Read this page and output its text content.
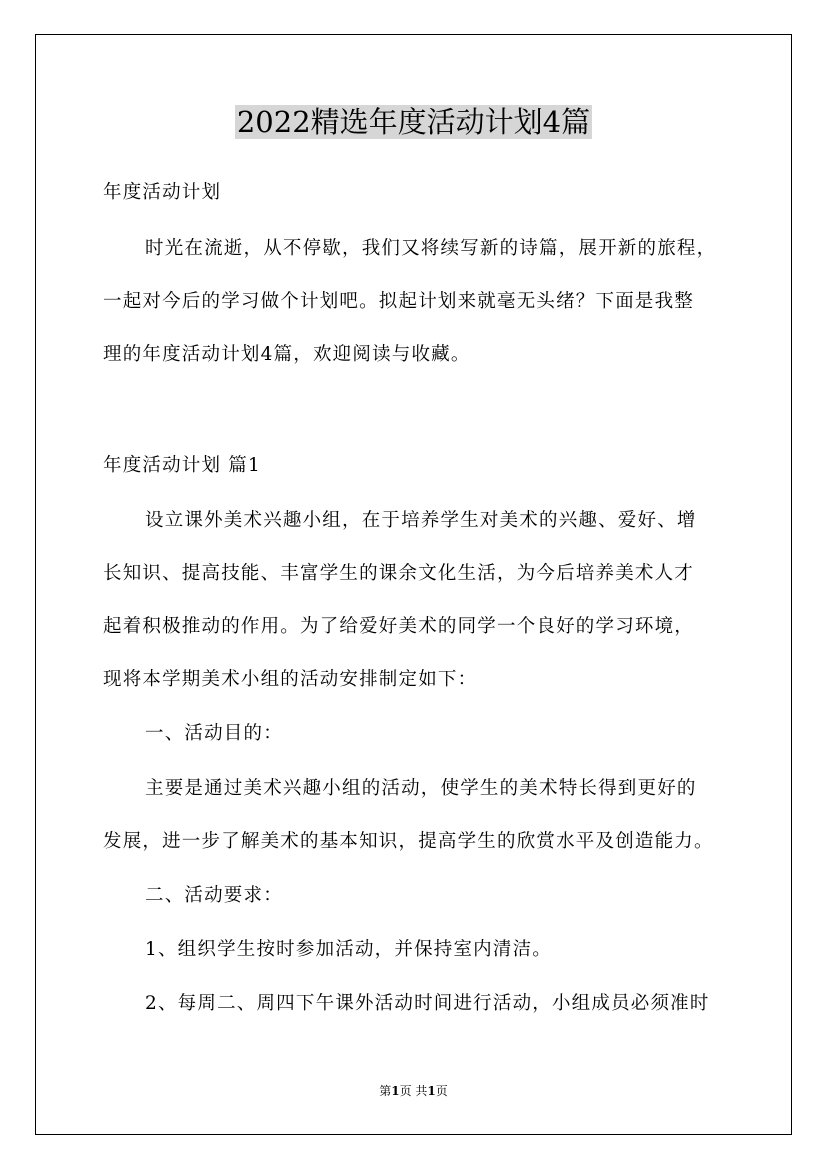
2022精选年度活动计划4篇

年度活动计划

时光在流逝，从不停歇，我们又将续写新的诗篇，展开新的旅程，

一起对今后的学习做个计划吧。拟起计划来就毫无头绪？下面是我整

理的年度活动计划4篇，欢迎阅读与收藏。

年度活动计划 篇1

设立课外美术兴趣小组，在于培养学生对美术的兴趣、爱好、增

长知识、提高技能、丰富学生的课余文化生活，为今后培养美术人才

起着积极推动的作用。为了给爱好美术的同学一个良好的学习环境，

现将本学期美术小组的活动安排制定如下：

一、活动目的：

主要是通过美术兴趣小组的活动，使学生的美术特长得到更好的

发展，进一步了解美术的基本知识，提高学生的欣赏水平及创造能力。

二、活动要求：

1、组织学生按时参加活动，并保持室内清洁。

2、每周二、周四下午课外活动时间进行活动，小组成员必须准时

第1页 共1页
